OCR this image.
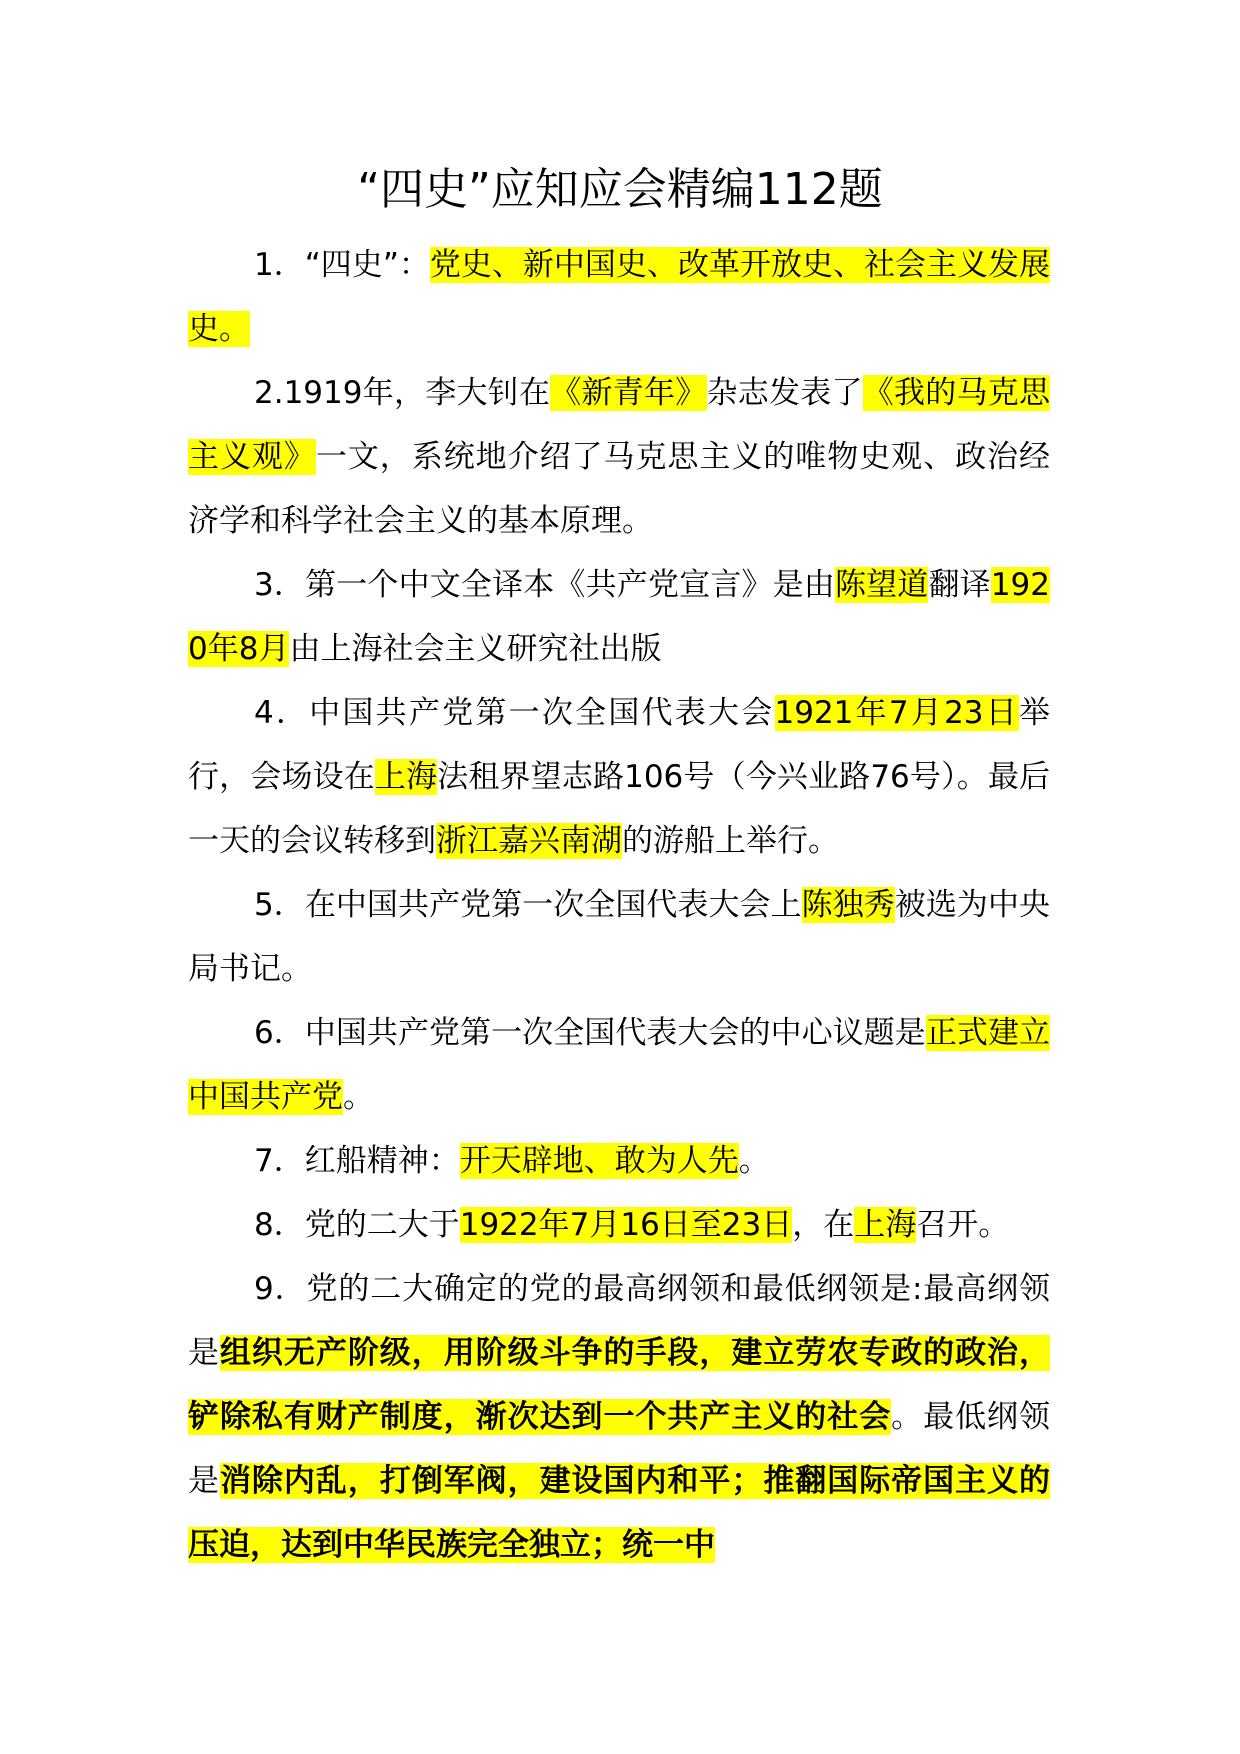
“四史”应知应会精编112题

1．“四史”：党史、新中国史、改革开放史、社会主义发展史。

2.1919年，李大钊在《新青年》杂志发表了《我的马克思主义观》一文，系统地介绍了马克思主义的唯物史观、政治经济学和科学社会主义的基本原理。

3．第一个中文全译本《共产党宣言》是由陈望道翻译1920年8月由上海社会主义研究社出版

4．中国共产党第一次全国代表大会1921年7月23日举行，会场设在上海法租界望志路106号（今兴业路76号）。最后一天的会议转移到浙江嘉兴南湖的游船上举行。

5．在中国共产党第一次全国代表大会上陈独秀被选为中央局书记。

6．中国共产党第一次全国代表大会的中心议题是正式建立中国共产党。

7．红船精神：开天辟地、敢为人先。

8．党的二大于1922年7月16日至23日，在上海召开。

9．党的二大确定的党的最高纲领和最低纲领是:最高纲领是组织无产阶级，用阶级斗争的手段，建立劳农专政的政治，铲除私有财产制度，渐次达到一个共产主义的社会。最低纲领是消除内乱，打倒军阀，建设国内和平；推翻国际帝国主义的压迫，达到中华民族完全独立；统一中
